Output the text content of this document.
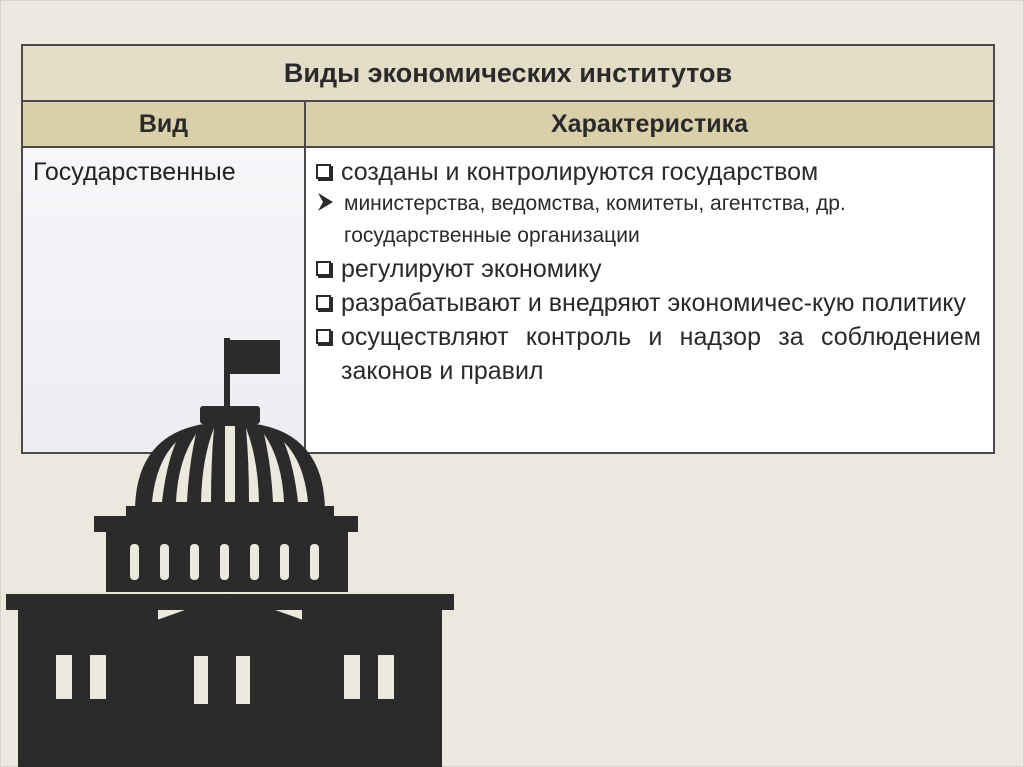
Виды экономических институтов
Вид	Характеристика
Государственные	созданы и контролируются государством
министерства, ведомства, комитеты, агентства, др. государственные организации
регулируют экономику
разрабатывают и внедряют экономичес-кую политику
осуществляют контроль и надзор за соблюдением законов и правил
